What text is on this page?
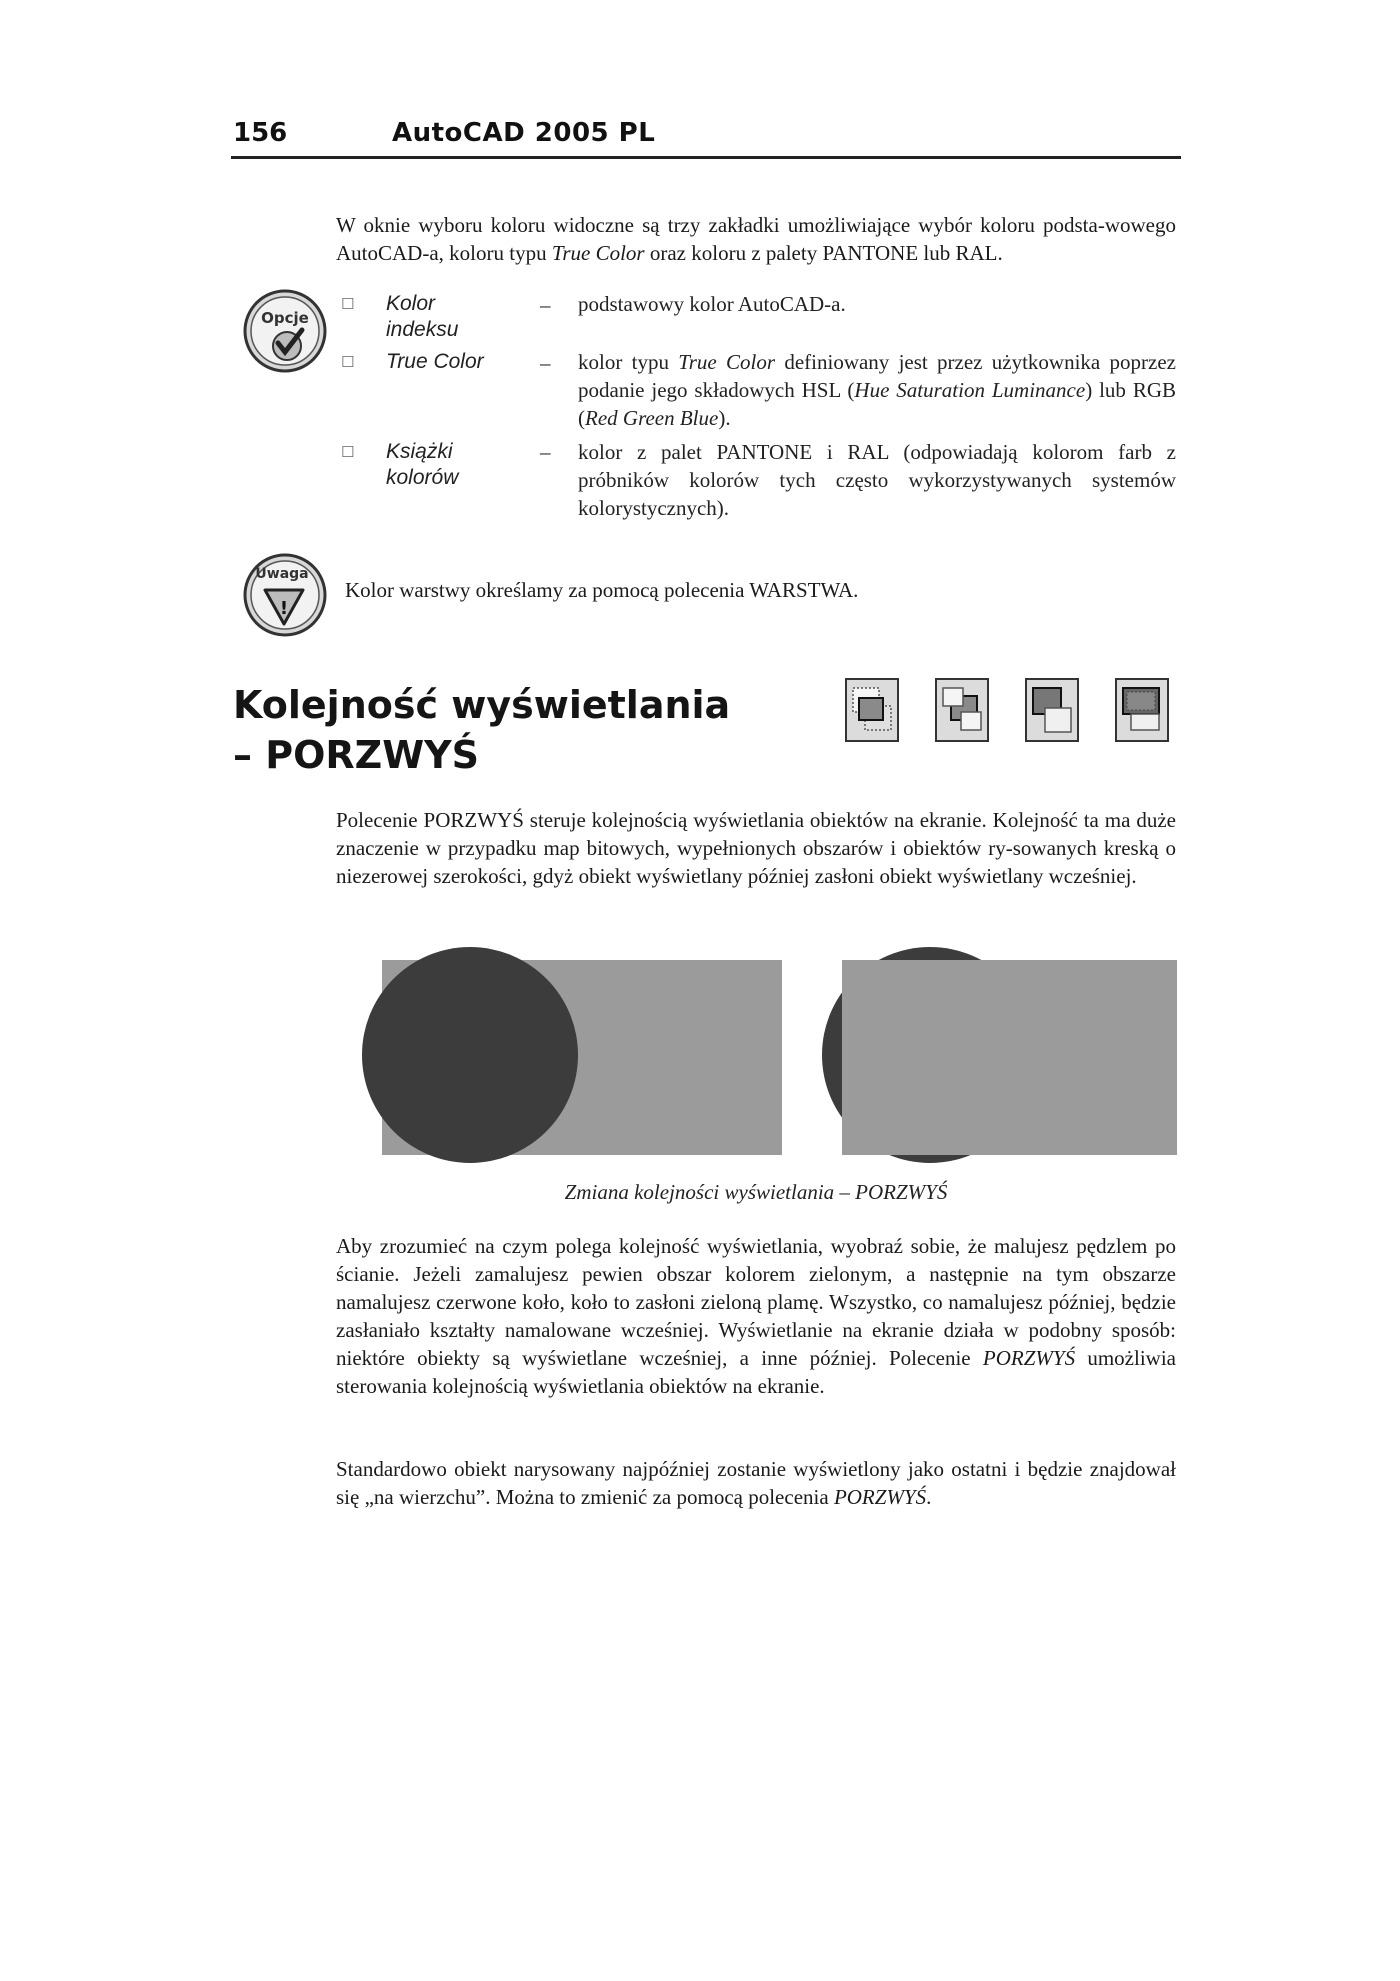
156	AutoCAD 2005 PL

W oknie wyboru koloru widoczne są trzy zakładki umożliwiające wybór koloru podsta-wowego AutoCAD-a, koloru typu True Color oraz koloru z palety PANTONE lub RAL.

Opcje
☐ Kolor indeksu
– podstawowy kolor AutoCAD-a.

☐ True Color	– kolor typu True Color definiowany jest przez użytkownika poprzez podanie jego składowych HSL (Hue Saturation Luminance) lub RGB (Red Green Blue).

☐ Książki kolorów
– kolor z palet PANTONE i RAL (odpowiadają kolorom farb z próbników kolorów tych często wykorzystywanych systemów kolorystycznych).

Uwaga
!
Kolor warstwy określamy za pomocą polecenia WARSTWA.
Kolejność wyświetlania
– PORZWYŚ

Polecenie PORZWYŚ steruje kolejnością wyświetlania obiektów na ekranie. Kolejność ta ma duże znaczenie w przypadku map bitowych, wypełnionych obszarów i obiektów ry-sowanych kreską o niezerowej szerokości, gdyż obiekt wyświetlany później zasłoni obiekt wyświetlany wcześniej.

Zmiana kolejności wyświetlania – PORZWYŚ

Aby zrozumieć na czym polega kolejność wyświetlania, wyobraź sobie, że malujesz pędzlem po ścianie. Jeżeli zamalujesz pewien obszar kolorem zielonym, a następnie na tym obszarze namalujesz czerwone koło, koło to zasłoni zieloną plamę. Wszystko, co namalujesz później, będzie zasłaniało kształty namalowane wcześniej. Wyświetlanie na ekranie działa w podobny sposób: niektóre obiekty są wyświetlane wcześniej, a inne później. Polecenie PORZWYŚ umożliwia sterowania kolejnością wyświetlania obiektów na ekranie.

Standardowo obiekt narysowany najpóźniej zostanie wyświetlony jako ostatni i będzie znajdował się „na wierzchu”. Można to zmienić za pomocą polecenia PORZWYŚ.
